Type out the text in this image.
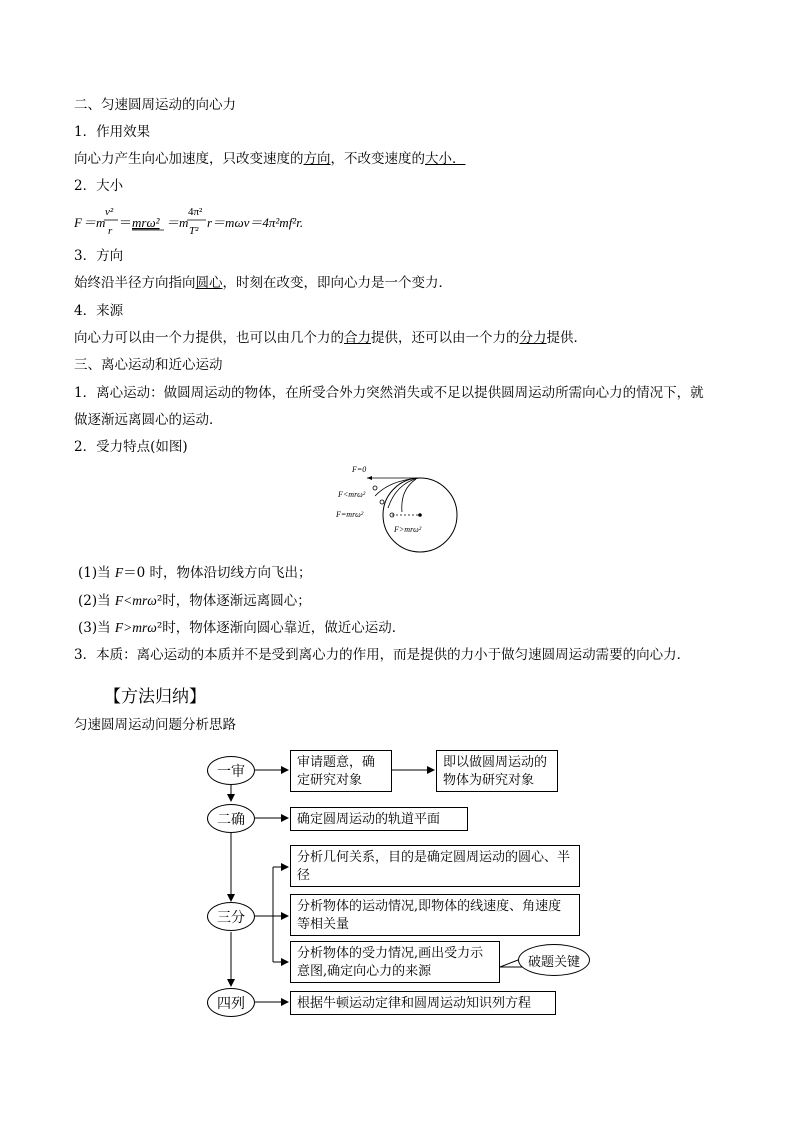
二、匀速圆周运动的向心力
1．作用效果
向心力产生向心加速度，只改变速度的方向，不改变速度的大小．
2．大小
F ＝m
v²
r
＝ mrω² ＝m
4π²
T²
r＝mωv＝4π²mf²r.
3．方向
始终沿半径方向指向圆心，时刻在改变，即向心力是一个变力．
4．来源
向心力可以由一个力提供，也可以由几个力的合力提供，还可以由一个力的分力提供．
三、离心运动和近心运动
1．离心运动：做圆周运动的物体，在所受合外力突然消失或不足以提供圆周运动所需向心力的情况下，就
做逐渐远离圆心的运动．
2．受力特点(如图)
F=0
F<mrω²
F=mrω²
F>mrω²
(1)当 F＝0 时，物体沿切线方向飞出；
(2)当 F<mrω²时，物体逐渐远离圆心；
(3)当 F>mrω²时，物体逐渐向圆心靠近，做近心运动．
3．本质：离心运动的本质并不是受到离心力的作用，而是提供的力小于做匀速圆周运动需要的向心力．
【方法归纳】
匀速圆周运动问题分析思路
一审
二确
三分
四列
审请题意，确定研究对象
即以做圆周运动的物体为研究对象
确定圆周运动的轨道平面
分析几何关系，目的是确定圆周运动的圆心、半径
分析物体的运动情况,即物体的线速度、角速度等相关量
分析物体的受力情况,画出受力示意图,确定向心力的来源
破题关键
根据牛顿运动定律和圆周运动知识列方程
